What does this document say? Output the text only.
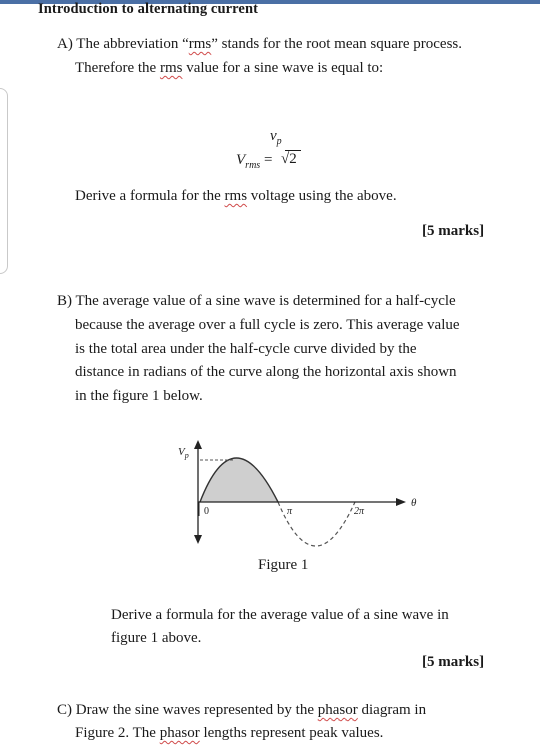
Introduction to alternating current
A) The abbreviation “rms” stands for the root mean square process.
Therefore the rms value for a sine wave is equal to:
$v_p$
$V_{rms} = √2$
Derive a formula for the rms voltage using the above.
[5 marks]
B) The average value of a sine wave is determined for a half-cycle
because the average over a full cycle is zero. This average value
is the total area under the half-cycle curve divided by the
distance in radians of the curve along the horizontal axis shown
in the figure 1 below.
$V_p$
0	π	2π
θ
Figure 1
Derive a formula for the average value of a sine wave in
figure 1 above.
[5 marks]
C) Draw the sine waves represented by the phasor diagram in
Figure 2. The phasor lengths represent peak values.
